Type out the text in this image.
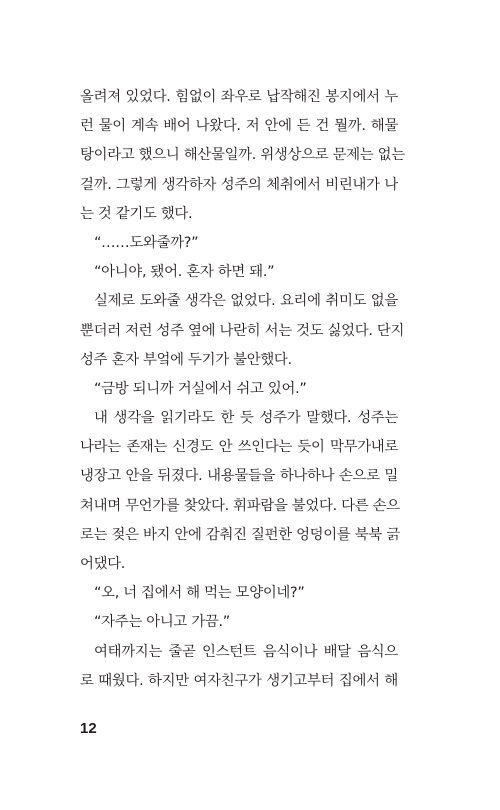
올려져 있었다. 힘없이 좌우로 납작해진 봉지에서 누
런 물이 계속 배어 나왔다. 저 안에 든 건 뭘까. 해물
탕이라고 했으니 해산물일까. 위생상으로 문제는 없는
걸까. 그렇게 생각하자 성주의 체취에서 비린내가 나
는 것 같기도 했다.
“……도와줄까?”
“아니야, 됐어. 혼자 하면 돼.”
실제로 도와줄 생각은 없었다. 요리에 취미도 없을
뿐더러 저런 성주 옆에 나란히 서는 것도 싫었다. 단지
성주 혼자 부엌에 두기가 불안했다.
“금방 되니까 거실에서 쉬고 있어.”
내 생각을 읽기라도 한 듯 성주가 말했다. 성주는
나라는 존재는 신경도 안 쓰인다는 듯이 막무가내로
냉장고 안을 뒤졌다. 내용물들을 하나하나 손으로 밀
쳐내며 무언가를 찾았다. 휘파람을 불었다. 다른 손으
로는 젖은 바지 안에 감춰진 질펀한 엉덩이를 북북 긁
어댔다.
“오, 너 집에서 해 먹는 모양이네?”
“자주는 아니고 가끔.”
여태까지는 줄곧 인스턴트 음식이나 배달 음식으
로 때웠다. 하지만 여자친구가 생기고부터 집에서 해
12
